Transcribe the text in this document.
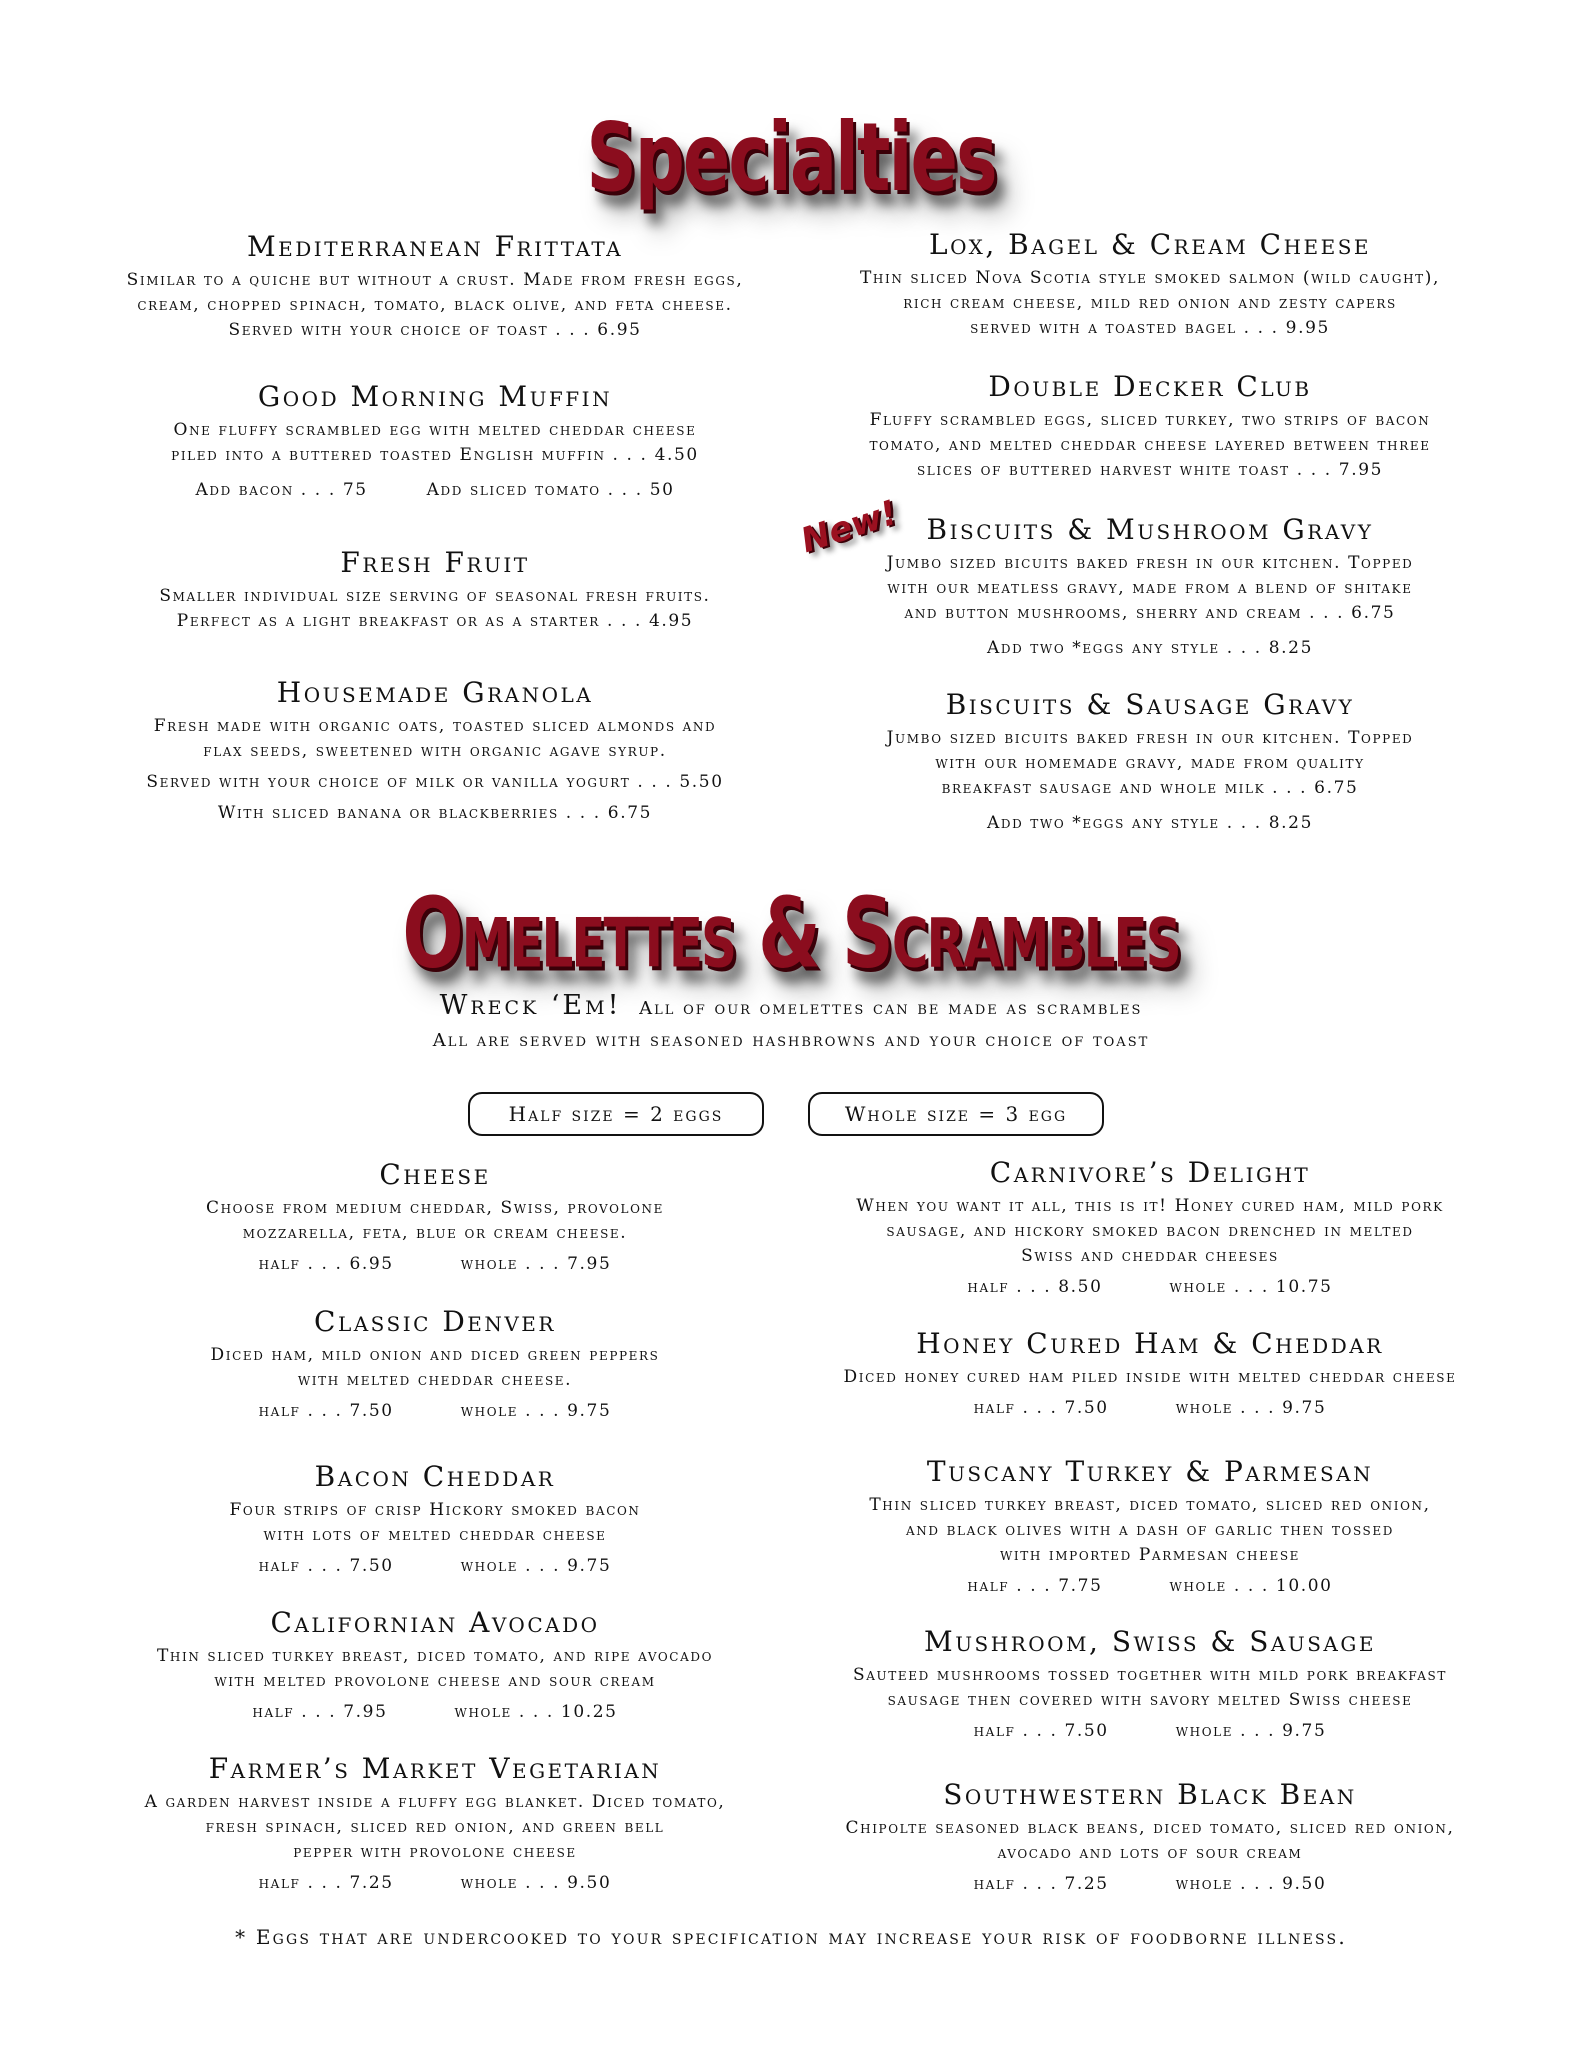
Specialties
Omelettes & Scrambles
Mediterranean Frittata

Similar to a quiche but without a crust. Made from fresh eggs,

cream, chopped spinach, tomato, black olive, and feta cheese.

Served with your choice of toast . . . 6.95

Good Morning Muffin

One fluffy scrambled egg with melted cheddar cheese

piled into a buttered toasted English muffin . . . 4.50

Add bacon . . . 75	Add sliced tomato . . . 50

Fresh Fruit

Smaller individual size serving of seasonal fresh fruits.

Perfect as a light breakfast or as a starter . . . 4.95

Housemade Granola

Fresh made with organic oats, toasted sliced almonds and

flax seeds, sweetened with organic agave syrup.

Served with your choice of milk or vanilla yogurt . . . 5.50

With sliced banana or blackberries . . . 6.75

Lox, Bagel & Cream Cheese

Thin sliced Nova Scotia style smoked salmon (wild caught),

rich cream cheese, mild red onion and zesty capers

served with a toasted bagel . . . 9.95

Double Decker Club

Fluffy scrambled eggs, sliced turkey, two strips of bacon

tomato, and melted cheddar cheese layered between three

slices of buttered harvest white toast . . . 7.95

New! Biscuits & Mushroom Gravy

Jumbo sized bicuits baked fresh in our kitchen. Topped

with our meatless gravy, made from a blend of shitake

and button mushrooms, sherry and cream . . . 6.75

Add two *eggs any style . . . 8.25

Biscuits & Sausage Gravy

Jumbo sized bicuits baked fresh in our kitchen. Topped

with our homemade gravy, made from quality

breakfast sausage and whole milk . . . 6.75

Add two *eggs any style . . . 8.25

Wreck ‘Em! All of our omelettes can be made as scrambles
All are served with seasoned hashbrowns and your choice of toast
Half size = 2 eggs	Whole size = 3 egg
Cheese

Choose from medium cheddar, Swiss, provolone

mozzarella, feta, blue or cream cheese.

half . . . 6.95	whole . . . 7.95

Classic Denver

Diced ham, mild onion and diced green peppers

with melted cheddar cheese.

half . . . 7.50	whole . . . 9.75

Bacon Cheddar

Four strips of crisp Hickory smoked bacon

with lots of melted cheddar cheese

half . . . 7.50	whole . . . 9.75

Californian Avocado

Thin sliced turkey breast, diced tomato, and ripe avocado

with melted provolone cheese and sour cream

half . . . 7.95	whole . . . 10.25

Farmer’s Market Vegetarian

A garden harvest inside a fluffy egg blanket. Diced tomato,

fresh spinach, sliced red onion, and green bell

pepper with provolone cheese

half . . . 7.25	whole . . . 9.50

Carnivore’s Delight

When you want it all, this is it! Honey cured ham, mild pork

sausage, and hickory smoked bacon drenched in melted

Swiss and cheddar cheeses

half . . . 8.50	whole . . . 10.75

Honey Cured Ham & Cheddar

Diced honey cured ham piled inside with melted cheddar cheese

half . . . 7.50	whole . . . 9.75

Tuscany Turkey & Parmesan

Thin sliced turkey breast, diced tomato, sliced red onion,

and black olives with a dash of garlic then tossed

with imported Parmesan cheese

half . . . 7.75	whole . . . 10.00

Mushroom, Swiss & Sausage

Sauteed mushrooms tossed together with mild pork breakfast

sausage then covered with savory melted Swiss cheese

half . . . 7.50	whole . . . 9.75

Southwestern Black Bean

Chipolte seasoned black beans, diced tomato, sliced red onion,

avocado and lots of sour cream

half . . . 7.25	whole . . . 9.50

* Eggs that are undercooked to your specification may increase your risk of foodborne illness.
